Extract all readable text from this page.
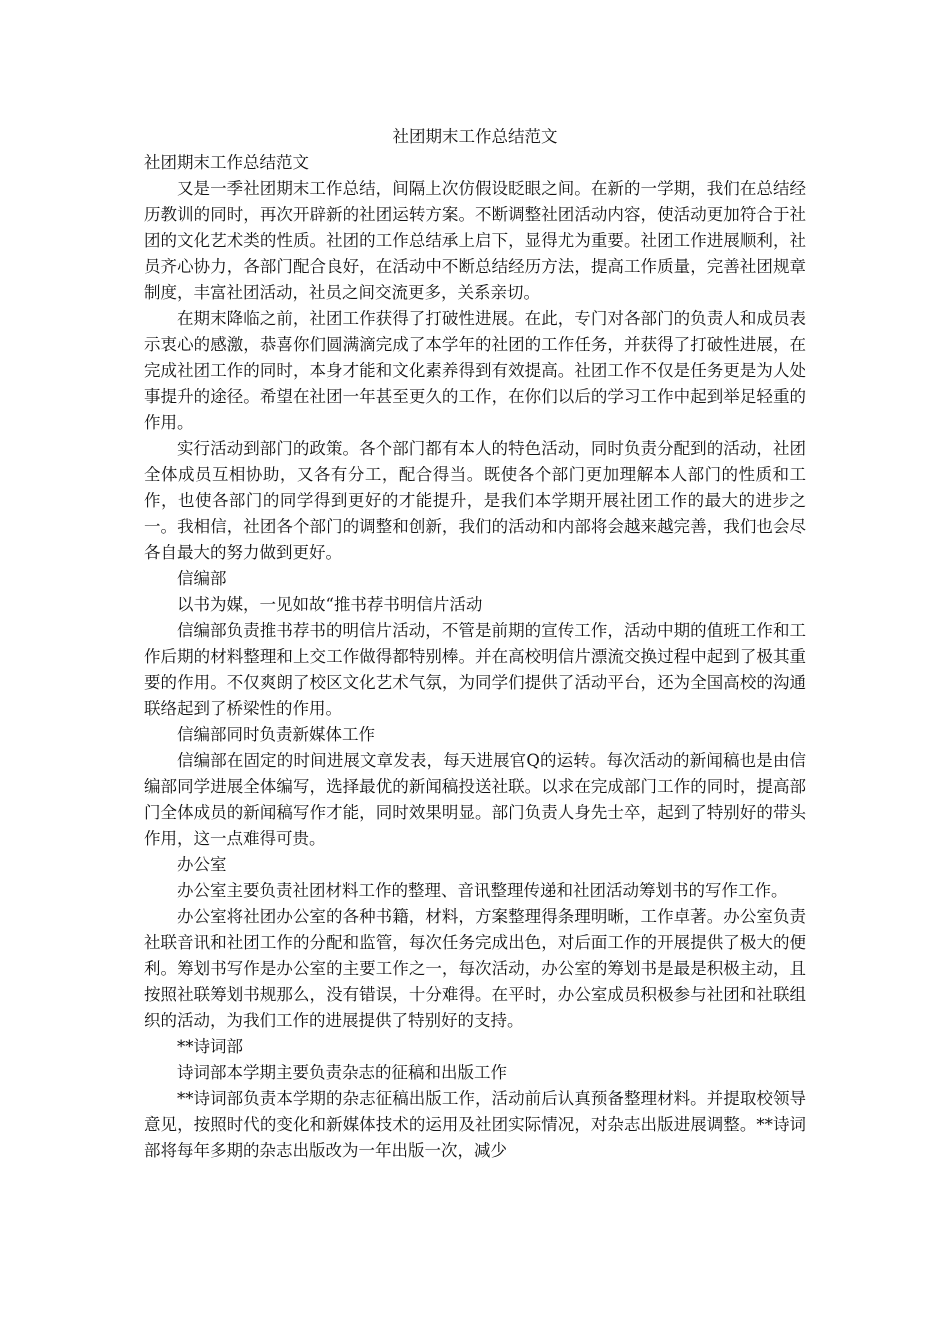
社团期末工作总结范文

社团期末工作总结范文

又是一季社团期末工作总结，间隔上次仿假设眨眼之间。在新的一学期，我们在总结经历教训的同时，再次开辟新的社团运转方案。不断调整社团活动内容，使活动更加符合于社团的文化艺术类的性质。社团的工作总结承上启下，显得尤为重要。社团工作进展顺利，社员齐心协力，各部门配合良好，在活动中不断总结经历方法，提高工作质量，完善社团规章制度，丰富社团活动，社员之间交流更多，关系亲切。

在期末降临之前，社团工作获得了打破性进展。在此，专门对各部门的负责人和成员表示衷心的感激，恭喜你们圆满滴完成了本学年的社团的工作任务，并获得了打破性进展，在完成社团工作的同时，本身才能和文化素养得到有效提高。社团工作不仅是任务更是为人处事提升的途径。希望在社团一年甚至更久的工作，在你们以后的学习工作中起到举足轻重的作用。

实行活动到部门的政策。各个部门都有本人的特色活动，同时负责分配到的活动，社团全体成员互相协助，又各有分工，配合得当。既使各个部门更加理解本人部门的性质和工作，也使各部门的同学得到更好的才能提升，是我们本学期开展社团工作的最大的进步之一。我相信，社团各个部门的调整和创新，我们的活动和内部将会越来越完善，我们也会尽各自最大的努力做到更好。

信编部

以书为媒，一见如故“推书荐书明信片活动

信编部负责推书荐书的明信片活动，不管是前期的宣传工作，活动中期的值班工作和工作后期的材料整理和上交工作做得都特别棒。并在高校明信片漂流交换过程中起到了极其重要的作用。不仅爽朗了校区文化艺术气氛，为同学们提供了活动平台，还为全国高校的沟通联络起到了桥梁性的作用。

信编部同时负责新媒体工作

信编部在固定的时间进展文章发表，每天进展官Q的运转。每次活动的新闻稿也是由信编部同学进展全体编写，选择最优的新闻稿投送社联。以求在完成部门工作的同时，提高部门全体成员的新闻稿写作才能，同时效果明显。部门负责人身先士卒，起到了特别好的带头作用，这一点难得可贵。

办公室

办公室主要负责社团材料工作的整理、音讯整理传递和社团活动筹划书的写作工作。

办公室将社团办公室的各种书籍，材料，方案整理得条理明晰，工作卓著。办公室负责社联音讯和社团工作的分配和监管，每次任务完成出色，对后面工作的开展提供了极大的便利。筹划书写作是办公室的主要工作之一，每次活动，办公室的筹划书是最是积极主动，且按照社联筹划书规那么，没有错误，十分难得。在平时，办公室成员积极参与社团和社联组织的活动，为我们工作的进展提供了特别好的支持。

**诗词部

诗词部本学期主要负责杂志的征稿和出版工作

**诗词部负责本学期的杂志征稿出版工作，活动前后认真预备整理材料。并提取校领导意见，按照时代的变化和新媒体技术的运用及社团实际情况，对杂志出版进展调整。**诗词部将每年多期的杂志出版改为一年出版一次，减少
